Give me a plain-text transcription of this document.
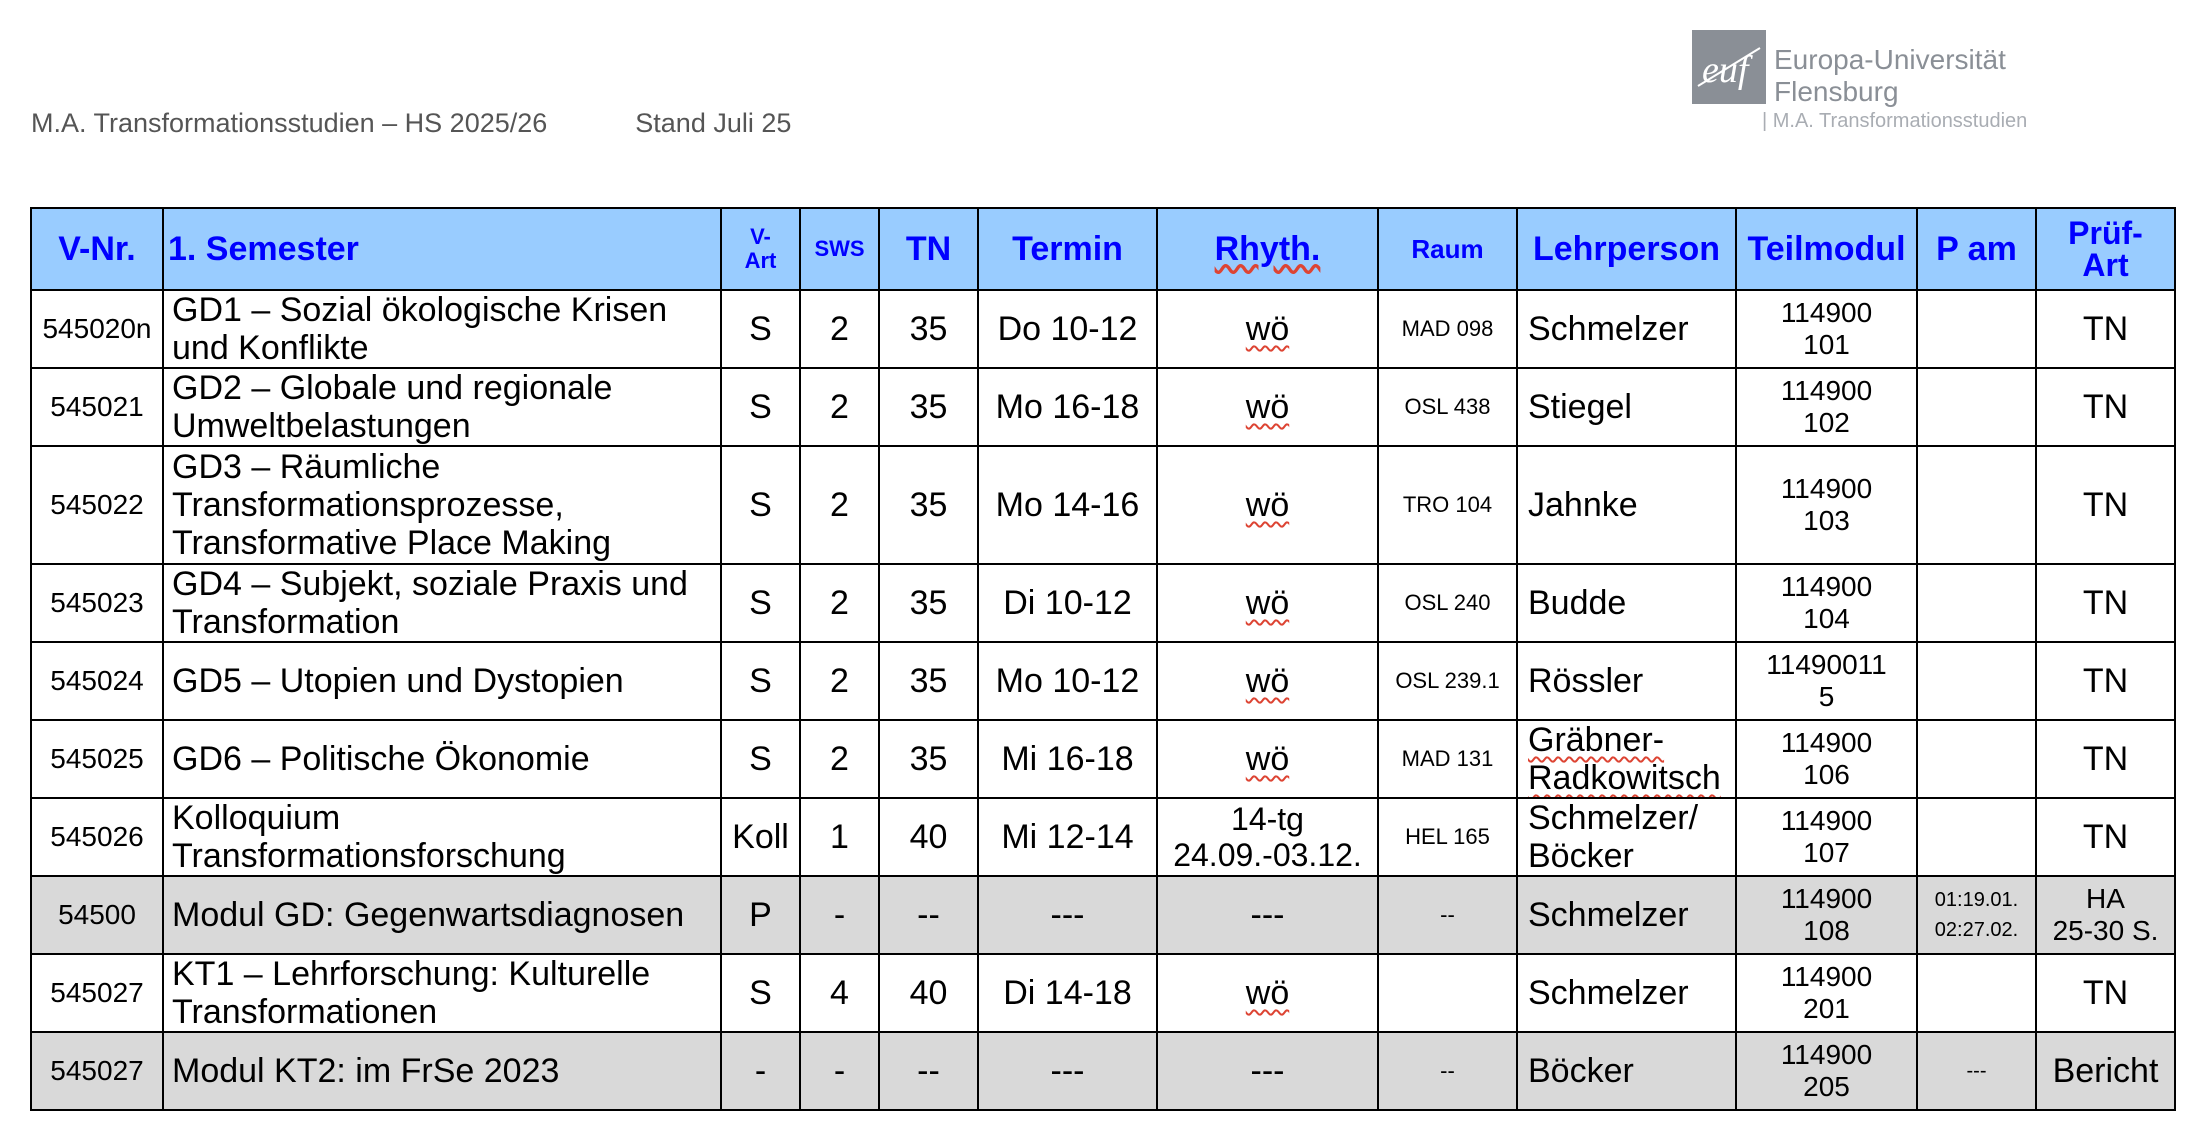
M.A. Transformationsstudien – HS 2025/26	Stand Juli 25
euf Europa-Universität
Flensburg
| M.A. Transformationsstudien
V-Nr.	1. Semester	V-
Art	SWS	TN	Termin	Rhyth.	Raum	Lehrperson	Teilmodul	P am	Prüf-
Art
545020n	GD1 – Sozial ökologische Krisen
und Konflikte	S	2	35	Do 10-12	wö	MAD 098	Schmelzer	114900
101		TN
545021	GD2 – Globale und regionale
Umweltbelastungen	S	2	35	Mo 16-18	wö	OSL 438	Stiegel	114900
102		TN
545022	GD3 – Räumliche
Transformationsprozesse,
Transformative Place Making	S	2	35	Mo 14-16	wö	TRO 104	Jahnke	114900
103		TN
545023	GD4 – Subjekt, soziale Praxis und
Transformation	S	2	35	Di 10-12	wö	OSL 240	Budde	114900
104		TN
545024	GD5 – Utopien und Dystopien	S	2	35	Mo 10-12	wö	OSL 239.1	Rössler	11490011
5		TN
545025	GD6 – Politische Ökonomie	S	2	35	Mi 16-18	wö	MAD 131	Gräbner-
Radkowitsch	114900
106		TN
545026	Kolloquium
Transformationsforschung	Koll	1	40	Mi 12-14	14-tg
24.09.-03.12.	HEL 165	Schmelzer/
Böcker	114900
107		TN
54500	Modul GD: Gegenwartsdiagnosen	P	-	--	---	---	--	Schmelzer	114900
108	01:19.01.
02:27.02.	HA
25-30 S.
545027	KT1 – Lehrforschung: Kulturelle
Transformationen	S	4	40	Di 14-18	wö		Schmelzer	114900
201		TN
545027	Modul KT2: im FrSe 2023	-	-	--	---	---	--	Böcker	114900
205	---	Bericht
